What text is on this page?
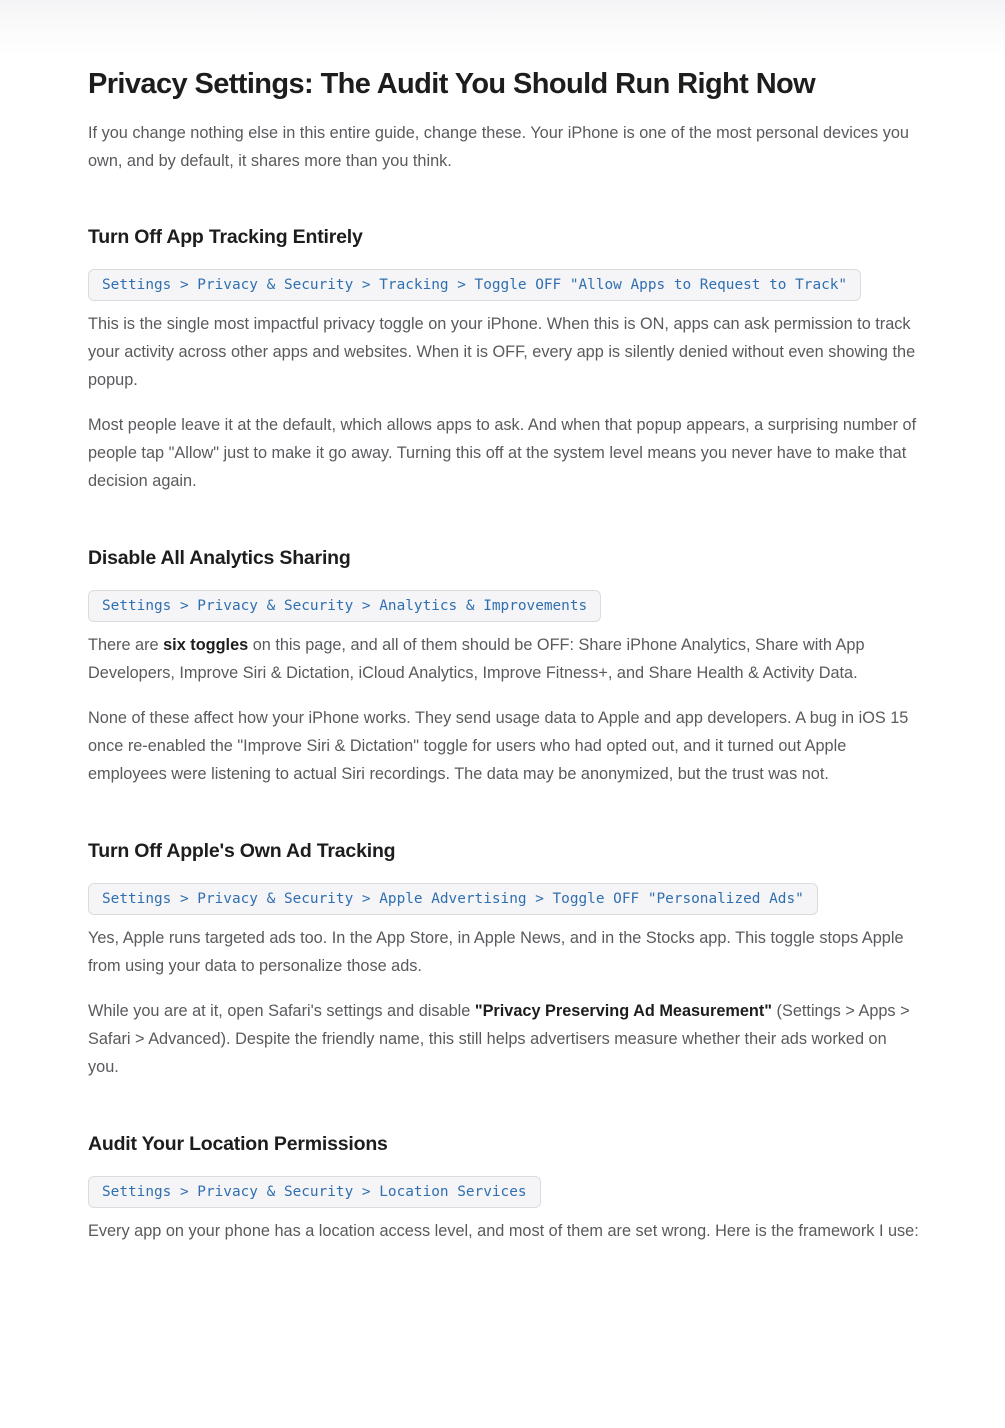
Privacy Settings: The Audit You Should Run Right Now

If you change nothing else in this entire guide, change these. Your iPhone is one of the most personal devices you own, and by default, it shares more than you think.

Turn Off App Tracking Entirely
Settings > Privacy & Security > Tracking > Toggle OFF "Allow Apps to Request to Track"

This is the single most impactful privacy toggle on your iPhone. When this is ON, apps can ask permission to track your activity across other apps and websites. When it is OFF, every app is silently denied without even showing the popup.

Most people leave it at the default, which allows apps to ask. And when that popup appears, a surprising number of people tap "Allow" just to make it go away. Turning this off at the system level means you never have to make that decision again.

Disable All Analytics Sharing
Settings > Privacy & Security > Analytics & Improvements

There are six toggles on this page, and all of them should be OFF: Share iPhone Analytics, Share with App Developers, Improve Siri & Dictation, iCloud Analytics, Improve Fitness+, and Share Health & Activity Data.

None of these affect how your iPhone works. They send usage data to Apple and app developers. A bug in iOS 15 once re-enabled the "Improve Siri & Dictation" toggle for users who had opted out, and it turned out Apple employees were listening to actual Siri recordings. The data may be anonymized, but the trust was not.

Turn Off Apple's Own Ad Tracking
Settings > Privacy & Security > Apple Advertising > Toggle OFF "Personalized Ads"

Yes, Apple runs targeted ads too. In the App Store, in Apple News, and in the Stocks app. This toggle stops Apple from using your data to personalize those ads.

While you are at it, open Safari's settings and disable "Privacy Preserving Ad Measurement" (Settings > Apps > Safari > Advanced). Despite the friendly name, this still helps advertisers measure whether their ads worked on you.

Audit Your Location Permissions
Settings > Privacy & Security > Location Services

Every app on your phone has a location access level, and most of them are set wrong. Here is the framework I use:
